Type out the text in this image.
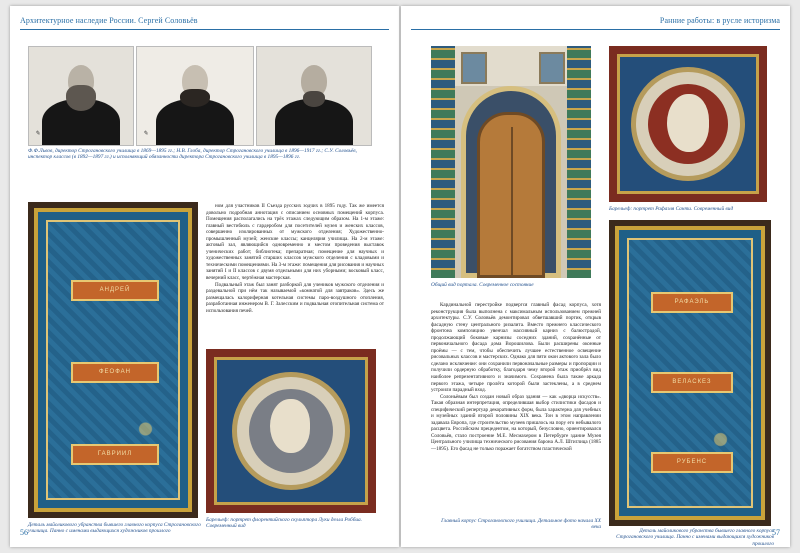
Архитектурное наследие России. Сергей Соловьёв
✎	✎
Ф.Ф.Львов, директор Строгановского училища в 1869—1895 гг.; Н.В. Глоба, директор Строгановского училища в 1896—1917 гг.; С.У. Соловьёв, инспектор классов (в 1892—1897 гг.) и исполняющий обязанности директора Строгановского училища в 1895—1896 гг.
АНДРЕЙ
ФЕОФАН
ГАВРИИЛ
Деталь майоликового убранства бывшего главного корпуса Строгановского училища. Панно с именами выдающихся художников прошлого

ном для участников II Съезда русских зодчих в 1895 году. Так же имеется довольно подробная аннотация с описанием основных помещений корпуса. Помещения располагались на трёх этажах следующим образом. На 1-м этаже: главный вестибюль с гардеробом для посетителей музея и женских классов, совершенно изолированных от мужского отделения; Художественно-промышленный музей; женские классы; канцелярия училища. На 2-м этаже: актовый зал, являющийся одновременно и местом проведения выставок ученических работ; библиотека; препаратная; помещение для научных и художественных занятий старших классов мужского отделения с кладовыми и техническими помещениями. На 3-м этаже: помещения для рисования и научных занятий I и II классов с двумя отдельными для них уборными; восковый класс, вечерний класс, чертёжная мастерская.

Подвальный этаж был занят разборкой для учеников мужского отделения и раздевальной при нём так называемой «комнатой для завтраков». Здесь же размещалась калориферная котельная системы паро-воздушного отопления, разработанная инженером В. Г. Залесским и подвальная отопительная система от использования печей.

Барельеф: портрет флорентийского скульптора Луки делла Роббиа. Современный вид
56
Ранние работы: в русле историзма
Общий вид портала. Современное состояние
Барельеф: портрет Рафаэля Санти. Современный вид

Кардинальной перестройке подвергся главный фасад корпуса, хотя реконструкция была выполнена с максимальным использованием прежней архитектуры. С.У. Соловьёв демонтировал обветшавший портик, открыв фасадную стену центрального ризалита. Вместо прежнего классического фронтона композицию увенчал массивный карниз с балюстрадой, продолжающий боковые карнизы соседних зданий, сохранённые от первоначального фасада дома Ворошилова. Были расширены оконные проёмы — с тем, чтобы обеспечить лучшее естественное освещение рисовальных классов и мастерских. Однако для пяти окон актового зала было сделано исключение: они сохранили первоначальные размеры и пропорции и получили ордерную обработку, благодаря чему второй этаж приобрёл вид наиболее репрезентативного и значимого. Сохранена была также аркада первого этажа, четыре пролёта которой были застеклены, а в среднем устроили парадный вход.

Солоньёвым был создан новый образ здания — как «дворца искусств». Такая образная интерпретация, определившая выбор стилистики фасадов и специфический репертуар декоративных форм, была характерна для учебных и музейных зданий второй половины XIX века. Тон в этом направлении задавала Европа, где строительство музеев пришлось на пору его небывалого расцвета. Российским прецедентом, на который, безусловно, ориентировался Соловьёв, стало построение М.Е. Месмахером в Петербурге здание Музея Центрального училища технического рисования барона А.Л. Штиглица (1885—1895). Его фасад не только поражает богатством пластической

Главный корпус Строгановского училища. Детальное фото начала ХХ века
РАФАЭЛЬ
ВЕЛАСКЕЗ
РУБЕНС
Деталь майоликового убранства бывшего главного корпуса Строгановского училища. Панно с именами выдающихся художников прошлого
57
